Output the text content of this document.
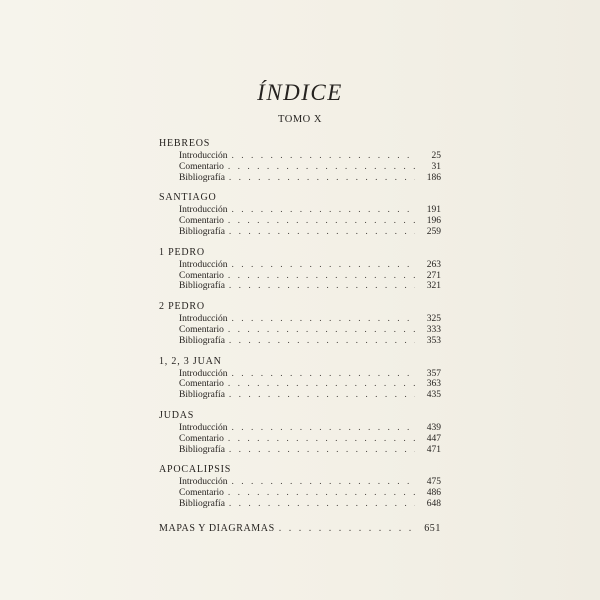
ÍNDICE
TOMO X
HEBREOS
Introducción . . .	25
Comentario . . .	31
Bibliografía . . .	186
SANTIAGO
Introducción . . .	191
Comentario . . .	196
Bibliografía . . .	259
1 PEDRO
Introducción . . .	263
Comentario . . .	271
Bibliografía . . .	321
2 PEDRO
Introducción . . .	325
Comentario . . .	333
Bibliografía . . .	353
1, 2, 3 JUAN
Introducción . . .	357
Comentario . . .	363
Bibliografía . . .	435
JUDAS
Introducción . . .	439
Comentario . . .	447
Bibliografía . . .	471
APOCALIPSIS
Introducción . . .	475
Comentario . . .	486
Bibliografía . . .	648
MAPAS Y DIAGRAMAS . . .	651
